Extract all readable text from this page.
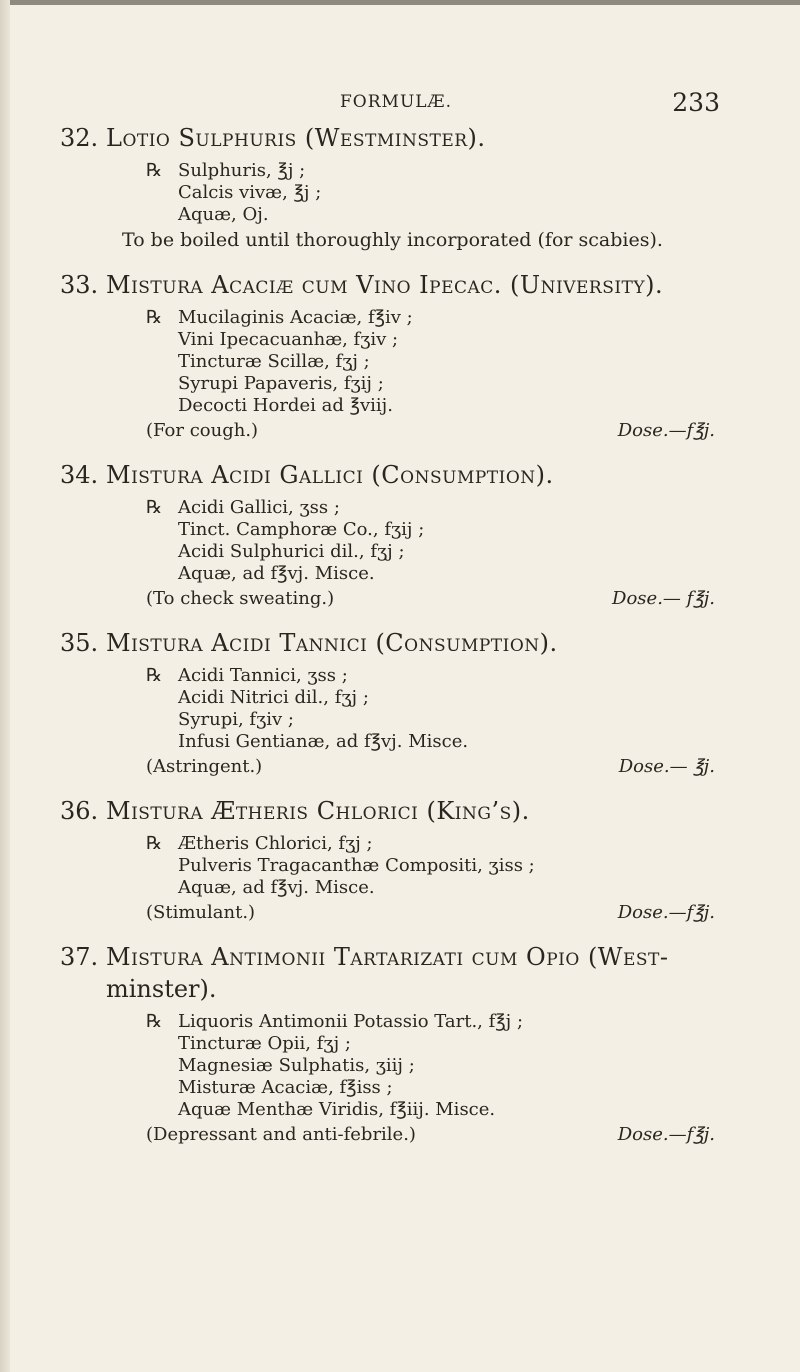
FORMULÆ.	233
32. Lotio Sulphuris (Westminster).
℞ Sulphuris, ℥j ;
Calcis vivæ, ℥j ;
Aquæ, Oj.
To be boiled until thoroughly incorporated (for scabies).
33. Mistura Acaciæ cum Vino Ipecac. (University).
℞ Mucilaginis Acaciæ, f℥iv ;
Vini Ipecacuanhæ, fʒiv ;
Tincturæ Scillæ, fʒj ;
Syrupi Papaveris, fʒij ;
Decocti Hordei ad ℥viij.
(For cough.)	Dose.—f℥j.
34. Mistura Acidi Gallici (Consumption).
℞ Acidi Gallici, ʒss ;
Tinct. Camphoræ Co., fʒij ;
Acidi Sulphurici dil., fʒj ;
Aquæ, ad f℥vj. Misce.
(To check sweating.)	Dose.— f℥j.
35. Mistura Acidi Tannici (Consumption).
℞ Acidi Tannici, ʒss ;
Acidi Nitrici dil., fʒj ;
Syrupi, fʒiv ;
Infusi Gentianæ, ad f℥vj. Misce.
(Astringent.)	Dose.— ℥j.
36. Mistura Ætheris Chlorici (King’s).
℞ Ætheris Chlorici, fʒj ;
Pulveris Tragacanthæ Compositi, ʒiss ;
Aquæ, ad f℥vj. Misce.
(Stimulant.)	Dose.—f℥j.
37. Mistura Antimonii Tartarizati cum Opio (West-
minster).
℞ Liquoris Antimonii Potassio Tart., f℥j ;
Tincturæ Opii, fʒj ;
Magnesiæ Sulphatis, ʒiij ;
Misturæ Acaciæ, f℥iss ;
Aquæ Menthæ Viridis, f℥iij. Misce.
(Depressant and anti-febrile.)	Dose.—f℥j.
